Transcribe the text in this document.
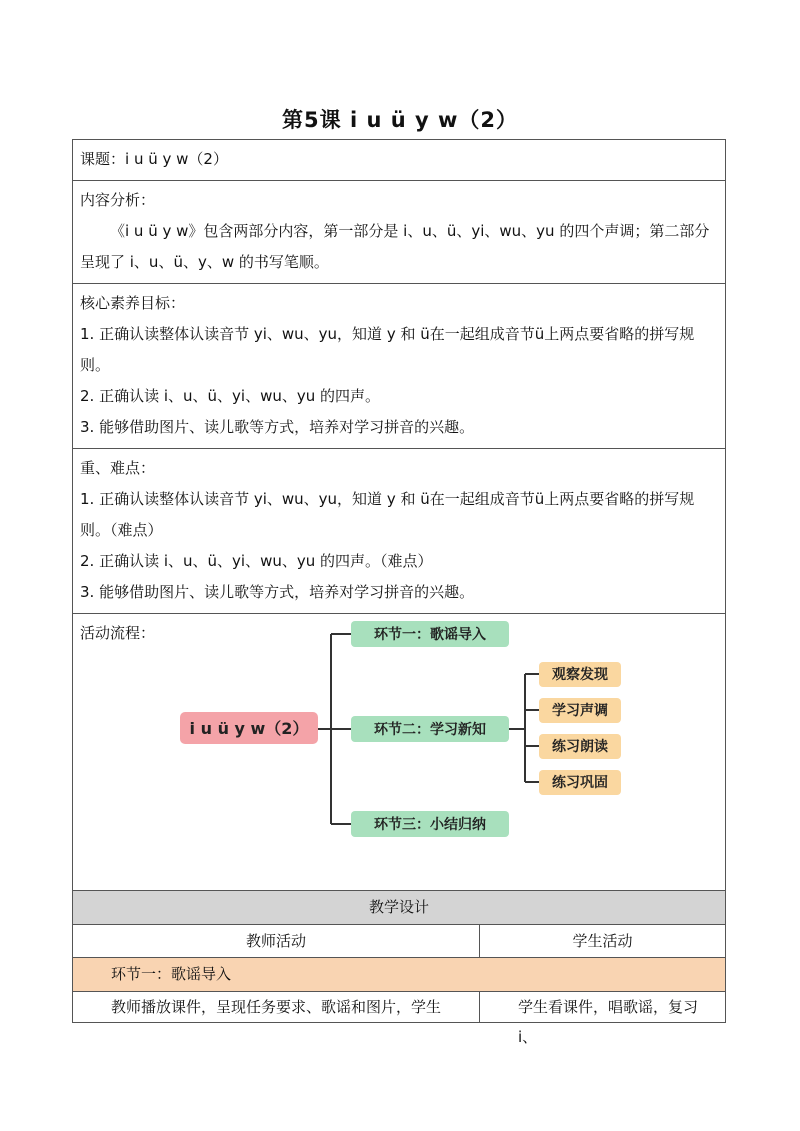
第5课 i u ü y w（2）

课题：i u ü y w（2）

内容分析：

《i u ü y w》包含两部分内容，第一部分是 i、u、ü、yi、wu、yu 的四个声调；第二部分呈现了 i、u、ü、y、w 的书写笔顺。

核心素养目标：

1. 正确认读整体认读音节 yi、wu、yu，知道 y 和 ü在一起组成音节ü上两点要省略的拼写规则。

2. 正确认读 i、u、ü、yi、wu、yu 的四声。

3. 能够借助图片、读儿歌等方式，培养对学习拼音的兴趣。

重、难点：

1. 正确认读整体认读音节 yi、wu、yu，知道 y 和 ü在一起组成音节ü上两点要省略的拼写规则。（难点）

2. 正确认读 i、u、ü、yi、wu、yu 的四声。（难点）

3. 能够借助图片、读儿歌等方式，培养对学习拼音的兴趣。

活动流程：

i u ü y w（2）
环节一：歌谣导入
环节二：学习新知
环节三：小结归纳
观察发现
学习声调
练习朗读
练习巩固
教学设计
教师活动	学生活动
环节一：歌谣导入
教师播放课件，呈现任务要求、歌谣和图片，学生	学生看课件，唱歌谣，复习 i、
